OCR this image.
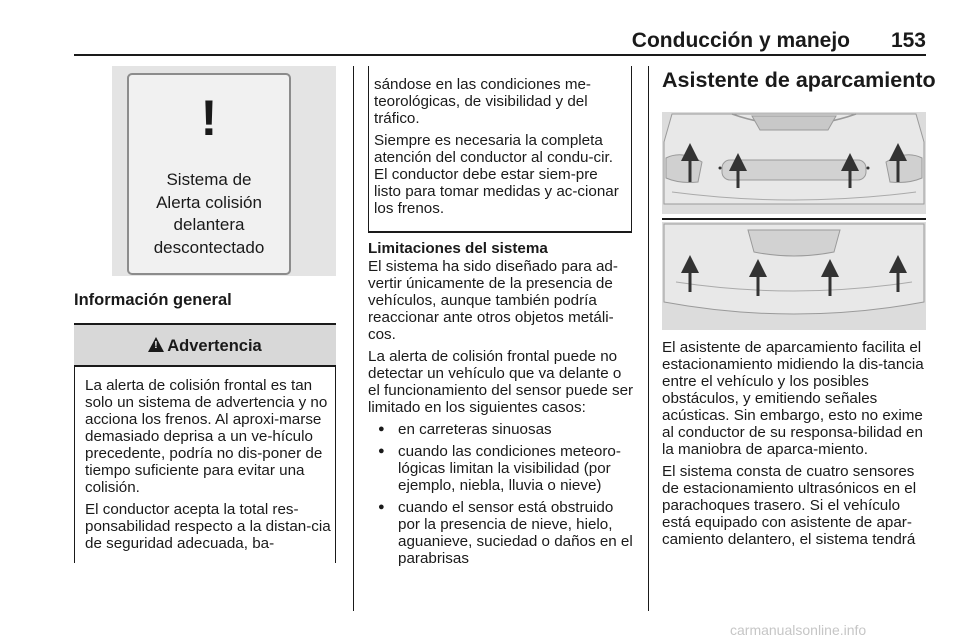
Conducción y manejo	153
!
Sistema de
Alerta colisión
delantera
descontectado
Información general
!Advertencia

La alerta de colisión frontal es tan solo un sistema de advertencia y no acciona los frenos. Al aproxi-marse demasiado deprisa a un ve-hículo precedente, podría no dis-poner de tiempo suficiente para evitar una colisión.

El conductor acepta la total res-ponsabilidad respecto a la distan-cia de seguridad adecuada, ba-

sándose en las condiciones me-teorológicas, de visibilidad y del tráfico.

Siempre es necesaria la completa atención del conductor al condu-cir. El conductor debe estar siem-pre listo para tomar medidas y ac-cionar los frenos.

Limitaciones del sistema

El sistema ha sido diseñado para ad-vertir únicamente de la presencia de vehículos, aunque también podría reaccionar ante otros objetos metáli-cos.

La alerta de colisión frontal puede no detectar un vehículo que va delante o el funcionamiento del sensor puede ser limitado en los siguientes casos:

● en carreteras sinuosas
● cuando las condiciones meteoro-lógicas limitan la visibilidad (por ejemplo, niebla, lluvia o nieve)
● cuando el sensor está obstruido por la presencia de nieve, hielo, aguanieve, suciedad o daños en el parabrisas
Asistente de aparcamiento

El asistente de aparcamiento facilita el estacionamiento midiendo la dis-tancia entre el vehículo y los posibles obstáculos, y emitiendo señales acústicas. Sin embargo, esto no exime al conductor de su responsa-bilidad en la maniobra de aparca-miento.

El sistema consta de cuatro sensores de estacionamiento ultrasónicos en el parachoques trasero. Si el vehículo está equipado con asistente de apar-camiento delantero, el sistema tendrá

carmanualsonline.info
